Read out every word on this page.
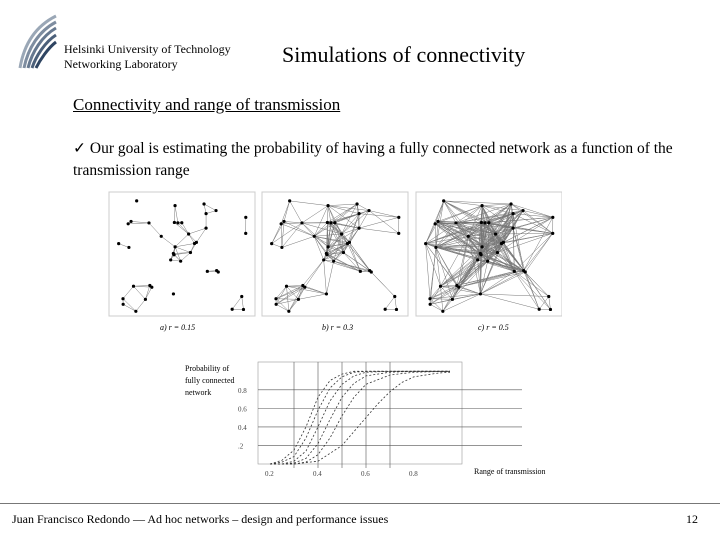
Helsinki University of Technology
Networking Laboratory	Simulations of connectivity
Connectivity and range of transmission
✓ Our goal is estimating the probability of having a fully connected network as a function of the transmission range
a) r = 0.15	b) r = 0.3	c) r = 0.5
Probability of
fully connected
network
Range of transmission
0.2	0.4	0.6	0.8
.2
0.4
0.6
0.8
Juan Francisco Redondo — Ad hoc networks – design and performance issues	12
